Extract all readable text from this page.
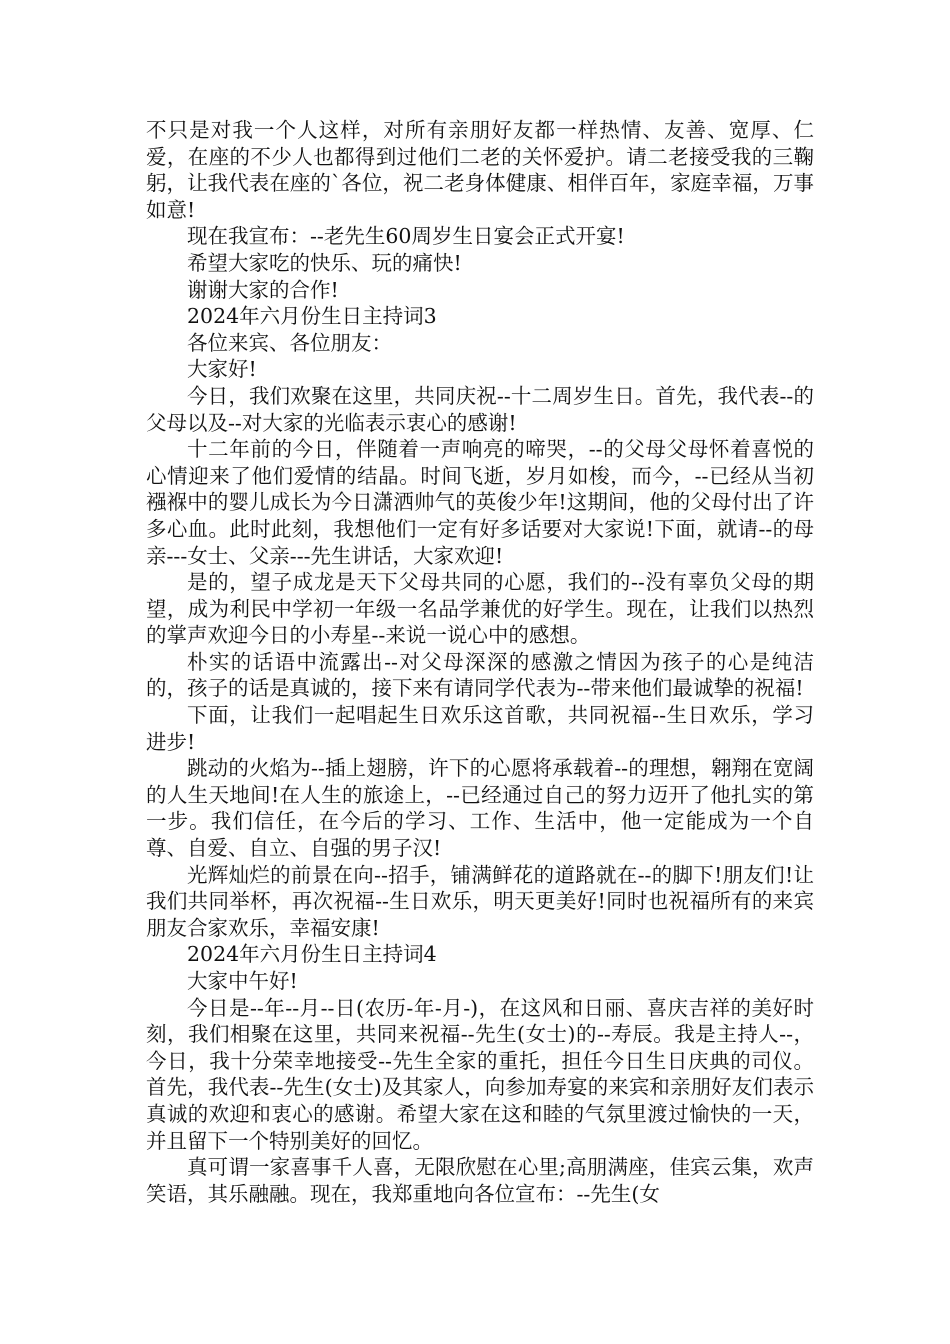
不只是对我一个人这样，对所有亲朋好友都一样热情、友善、宽厚、仁爱，在座的不少人也都得到过他们二老的关怀爱护。请二老接受我的三鞠躬，让我代表在座的`各位，祝二老身体健康、相伴百年，家庭幸福，万事如意!

现在我宣布：--老先生60周岁生日宴会正式开宴!

希望大家吃的快乐、玩的痛快!

谢谢大家的合作!

2024年六月份生日主持词3

各位来宾、各位朋友：

大家好!

今日，我们欢聚在这里，共同庆祝--十二周岁生日。首先，我代表--的父母以及--对大家的光临表示衷心的感谢!

十二年前的今日，伴随着一声响亮的啼哭，--的父母父母怀着喜悦的心情迎来了他们爱情的结晶。时间飞逝，岁月如梭，而今，--已经从当初襁褓中的婴儿成长为今日潇洒帅气的英俊少年!这期间，他的父母付出了许多心血。此时此刻，我想他们一定有好多话要对大家说!下面，就请--的母亲---女士、父亲---先生讲话，大家欢迎!

是的，望子成龙是天下父母共同的心愿，我们的--没有辜负父母的期望，成为利民中学初一年级一名品学兼优的好学生。现在，让我们以热烈的掌声欢迎今日的小寿星--来说一说心中的感想。

朴实的话语中流露出--对父母深深的感激之情因为孩子的心是纯洁的，孩子的话是真诚的，接下来有请同学代表为--带来他们最诚挚的祝福!

下面，让我们一起唱起生日欢乐这首歌，共同祝福--生日欢乐，学习进步!

跳动的火焰为--插上翅膀，许下的心愿将承载着--的理想，翱翔在宽阔的人生天地间!在人生的旅途上，--已经通过自己的努力迈开了他扎实的第一步。我们信任，在今后的学习、工作、生活中，他一定能成为一个自尊、自爱、自立、自强的男子汉!

光辉灿烂的前景在向--招手，铺满鲜花的道路就在--的脚下!朋友们!让我们共同举杯，再次祝福--生日欢乐，明天更美好!同时也祝福所有的来宾朋友合家欢乐，幸福安康!

2024年六月份生日主持词4

大家中午好!

今日是--年--月--日(农历-年-月-)，在这风和日丽、喜庆吉祥的美好时刻，我们相聚在这里，共同来祝福--先生(女士)的--寿辰。我是主持人--，今日，我十分荣幸地接受--先生全家的重托，担任今日生日庆典的司仪。首先，我代表--先生(女士)及其家人，向参加寿宴的来宾和亲朋好友们表示真诚的欢迎和衷心的感谢。希望大家在这和睦的气氛里渡过愉快的一天，并且留下一个特别美好的回忆。

真可谓一家喜事千人喜，无限欣慰在心里;高朋满座，佳宾云集，欢声笑语，其乐融融。现在，我郑重地向各位宣布：--先生(女
